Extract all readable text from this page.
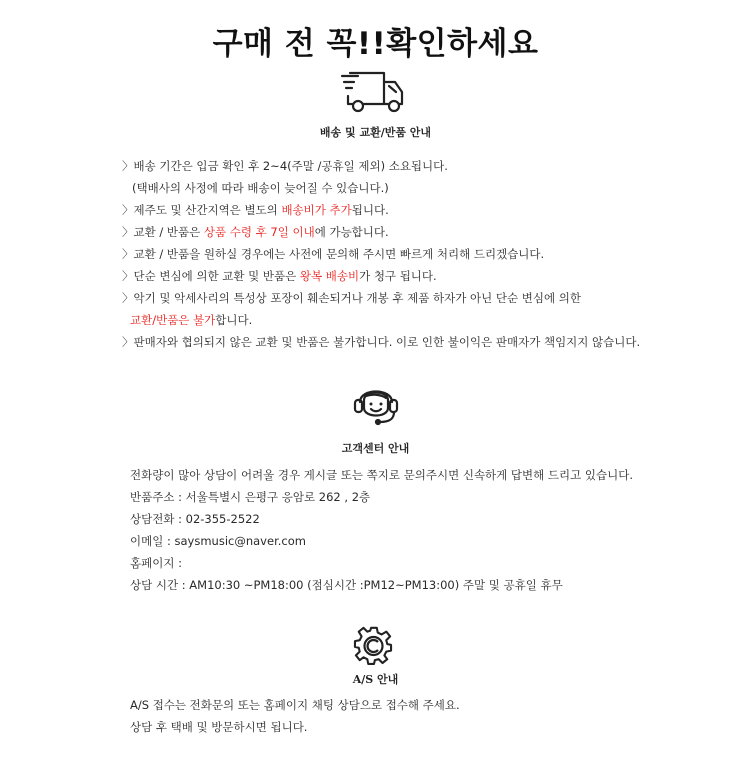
구매 전 꼭!!확인하세요
배송 및 교환/반품 안내
〉배송 기간은 입금 확인 후 2~4(주말 /공휴일 제외) 소요됩니다.
(택배사의 사정에 따라 배송이 늦어질 수 있습니다.)
〉제주도 및 산간지역은 별도의 배송비가 추가됩니다.
〉교환 / 반품은 상품 수령 후 7일 이내에 가능합니다.
〉교환 / 반품을 원하실 경우에는 사전에 문의해 주시면 빠르게 처리해 드리겠습니다.
〉단순 변심에 의한 교환 및 반품은 왕복 배송비가 청구 됩니다.
〉악기 및 악세사리의 특성상 포장이 훼손되거나 개봉 후 제품 하자가 아닌 단순 변심에 의한
교환/반품은 불가합니다.
〉판매자와 협의되지 않은 교환 및 반품은 불가합니다. 이로 인한 불이익은 판매자가 책임지지 않습니다.
고객센터 안내
전화량이 많아 상담이 어려울 경우 게시글 또는 쪽지로 문의주시면 신속하게 답변해 드리고 있습니다.
반품주소 : 서울특별시 은평구 응암로 262 , 2층
상담전화 : 02-355-2522
이메일 : saysmusic@naver.com
홈페이지 :
상담 시간 : AM10:30 ~PM18:00 (점심시간 :PM12~PM13:00) 주말 및 공휴일 휴무
A/S 안내
A/S 접수는 전화문의 또는 홈페이지 채팅 상담으로 접수해 주세요.
상담 후 택배 및 방문하시면 됩니다.
